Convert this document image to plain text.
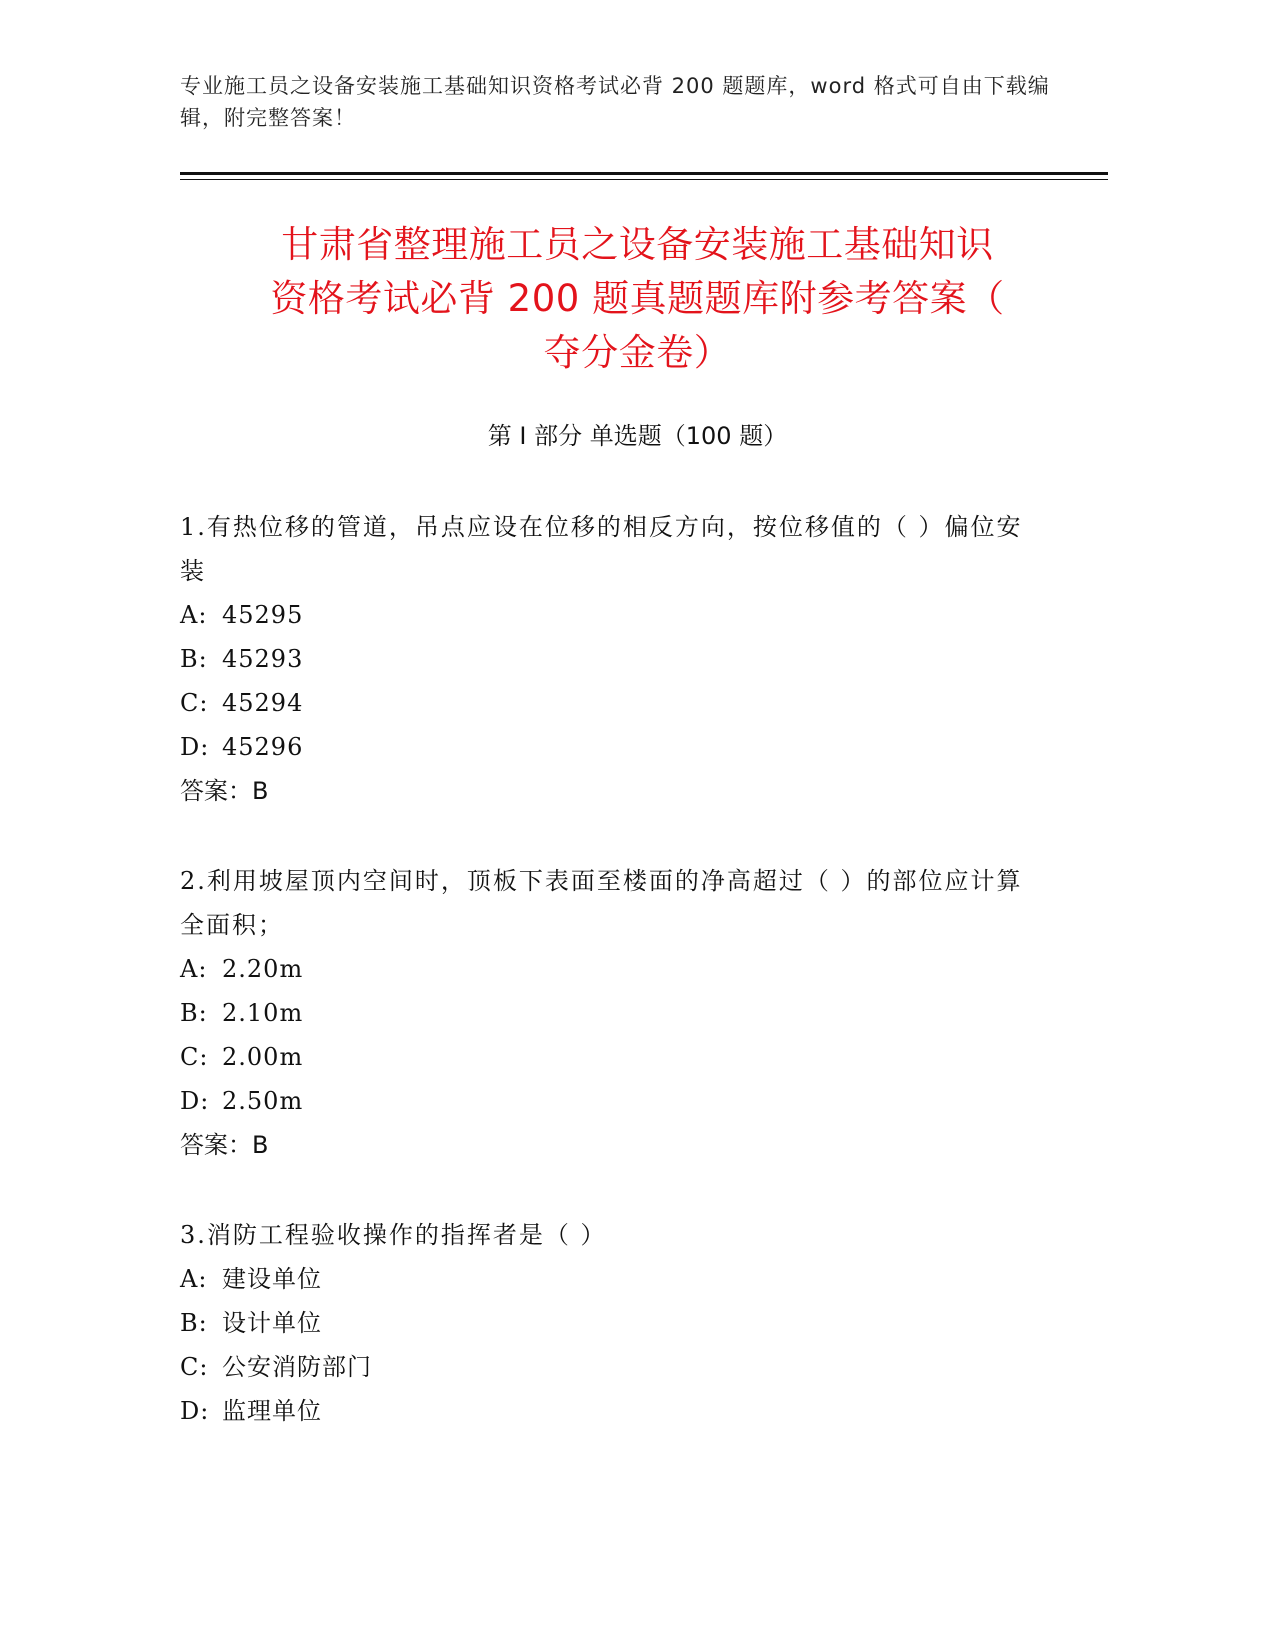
专业施工员之设备安装施工基础知识资格考试必背 200 题题库，word 格式可自由下载编辑，附完整答案！
甘肃省整理施工员之设备安装施工基础知识
资格考试必背 200 题真题题库附参考答案（
夺分金卷）
第 I 部分 单选题（100 题）
1.有热位移的管道，吊点应设在位移的相反方向，按位移值的（ ）偏位安装
A: 45295
B: 45293
C: 45294
D: 45296
答案：B
2.利用坡屋顶内空间时，顶板下表面至楼面的净高超过（ ）的部位应计算全面积；
A: 2.20m
B: 2.10m
C: 2.00m
D: 2.50m
答案：B
3.消防工程验收操作的指挥者是（ ）
A: 建设单位
B: 设计单位
C: 公安消防部门
D: 监理单位
